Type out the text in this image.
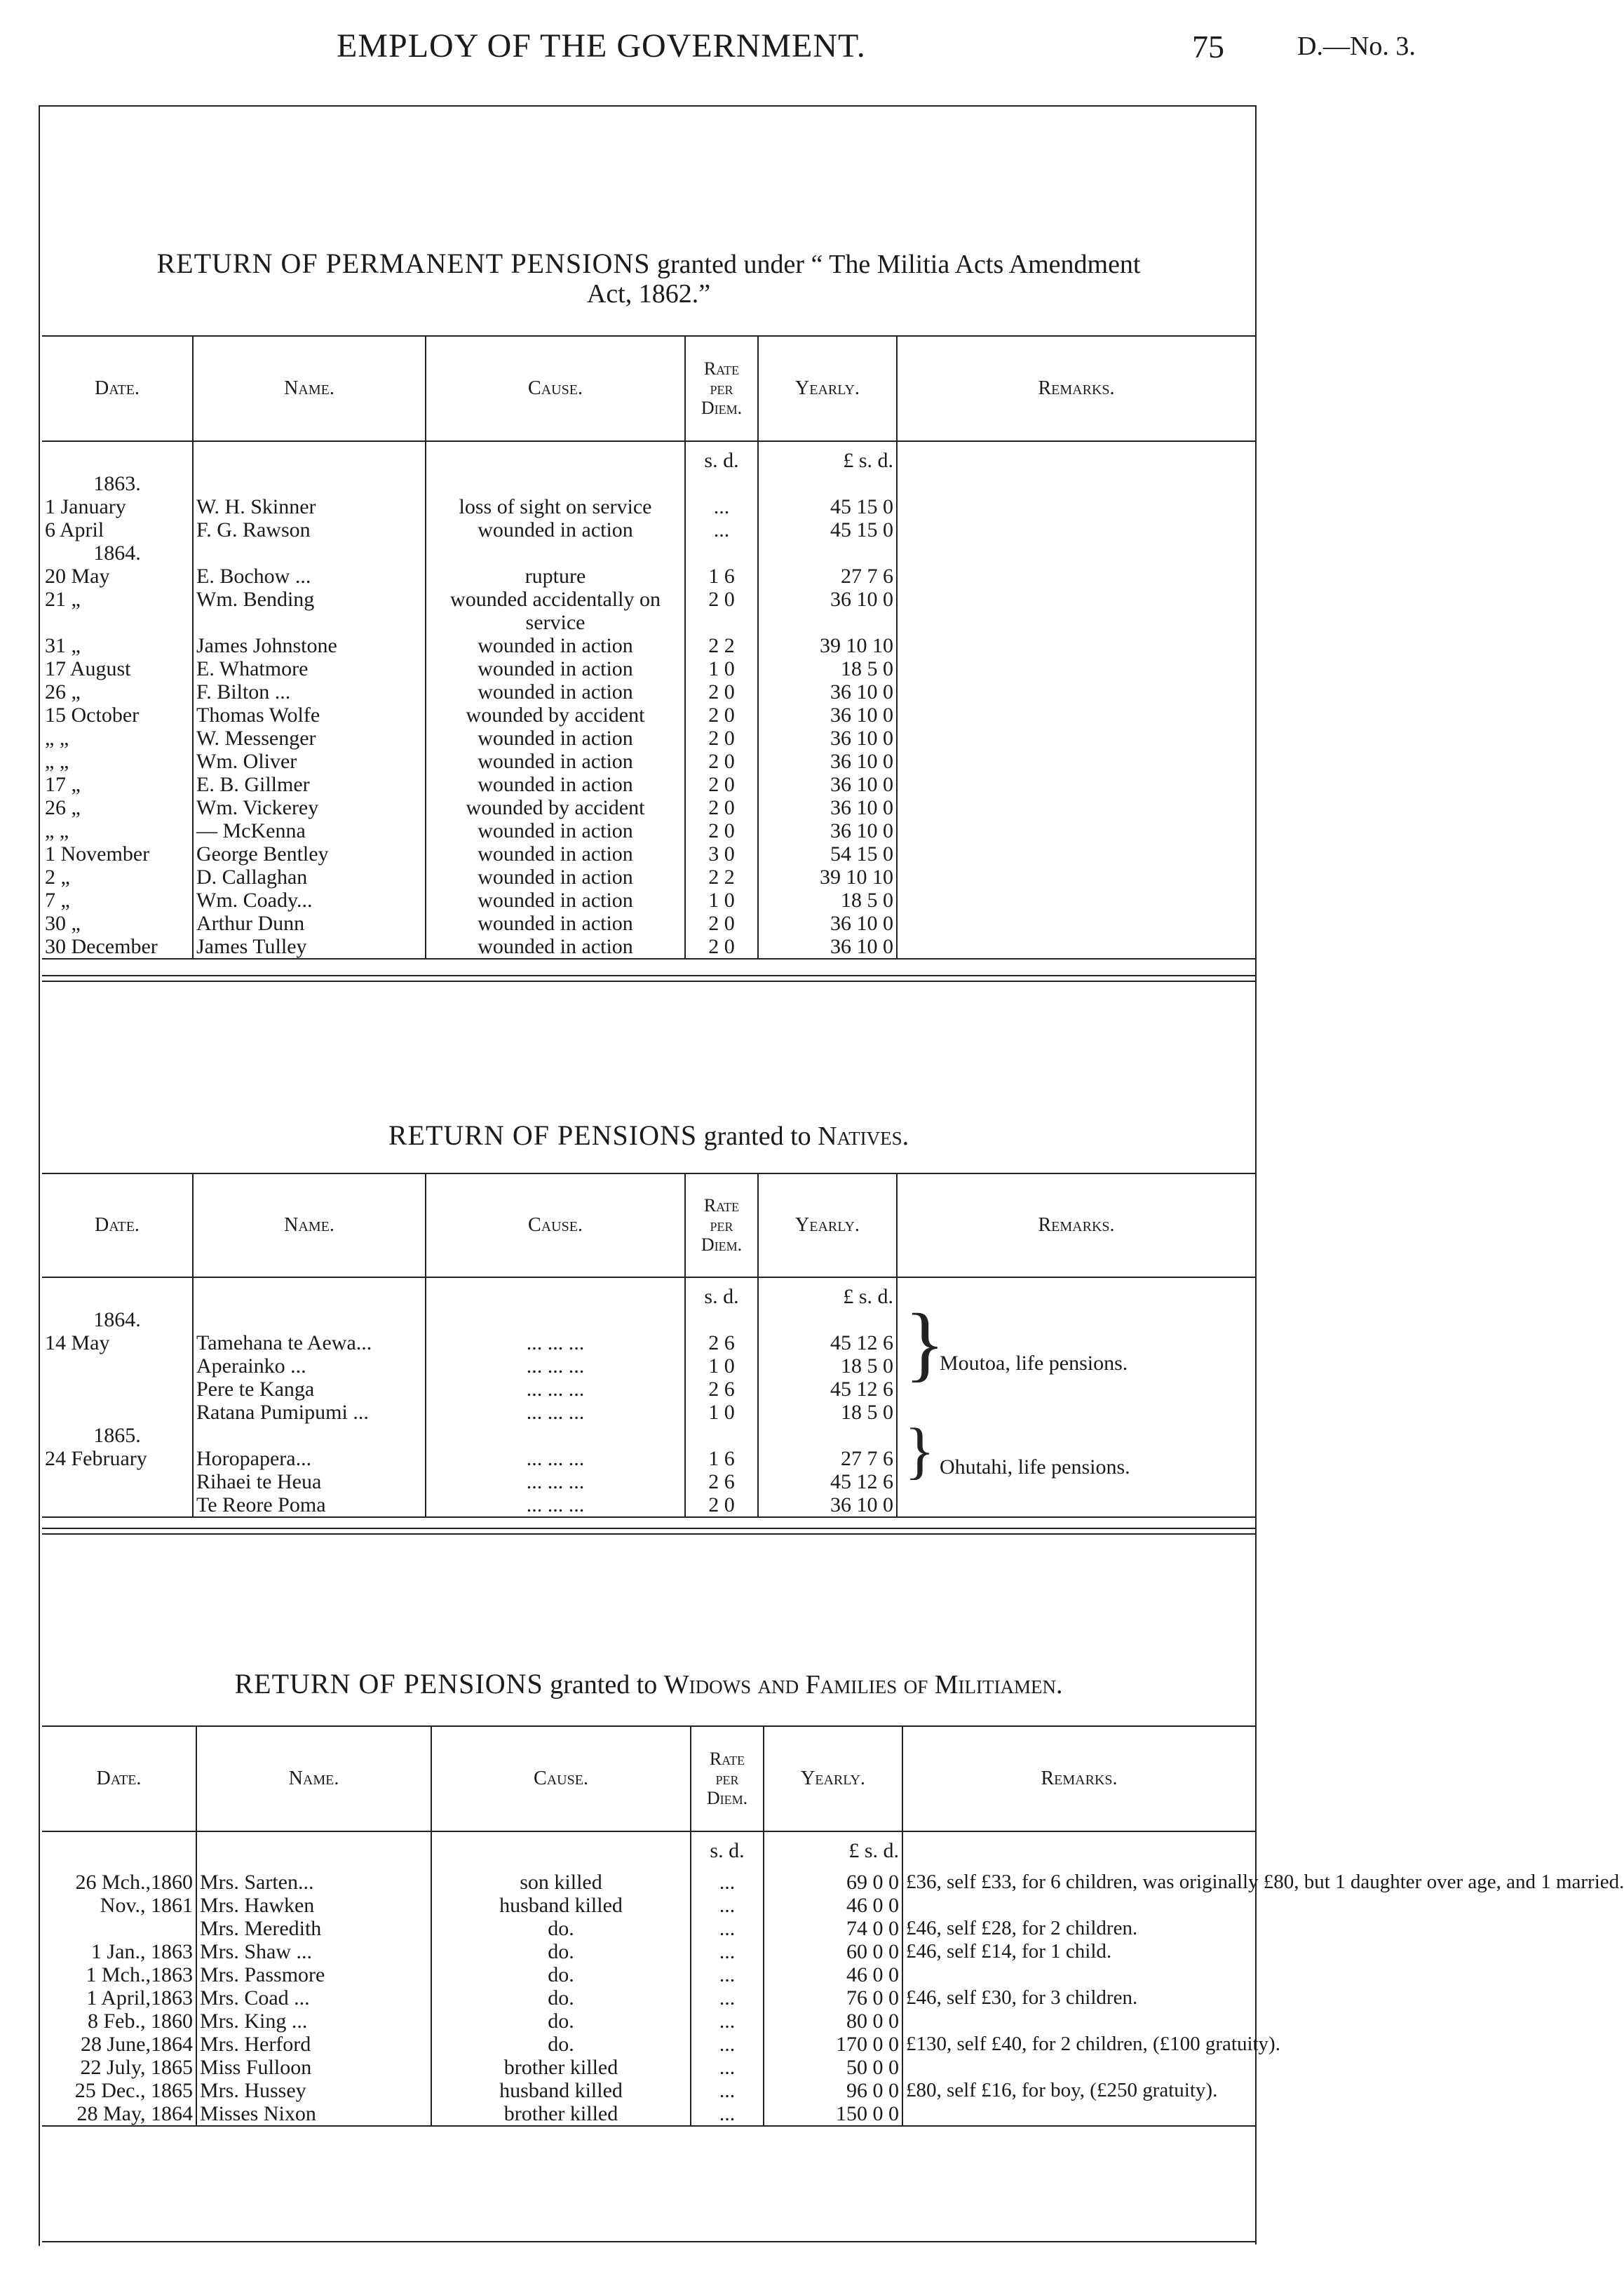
EMPLOY OF THE GOVERNMENT.	75	D.—No. 3.
RETURN OF PERMANENT PENSIONS granted under “ The Militia Acts Amendment
Act, 1862.”
Date.	Name.	Cause.	Rate
per
Diem.	Yearly.	Remarks.
			s. d.	£ s. d.	
1863.					
1 January	W. H. Skinner	loss of sight on service	...	45 15 0	
6 April	F. G. Rawson	wounded in action	...	45 15 0	
1864.					
20 May	E. Bochow ...	rupture	1 6	27 7 6	
21 „	Wm. Bending	wounded accidentally on	2 0	36 10 0	
		service			
31 „	James Johnstone	wounded in action	2 2	39 10 10	
17 August	E. Whatmore	wounded in action	1 0	18 5 0	
26 „	F. Bilton ...	wounded in action	2 0	36 10 0	
15 October	Thomas Wolfe	wounded by accident	2 0	36 10 0	
„ „	W. Messenger	wounded in action	2 0	36 10 0	
„ „	Wm. Oliver	wounded in action	2 0	36 10 0	
17 „	E. B. Gillmer	wounded in action	2 0	36 10 0	
26 „	Wm. Vickerey	wounded by accident	2 0	36 10 0	
„ „	— McKenna	wounded in action	2 0	36 10 0	
1 November	George Bentley	wounded in action	3 0	54 15 0	
2 „	D. Callaghan	wounded in action	2 2	39 10 10	
7 „	Wm. Coady...	wounded in action	1 0	18 5 0	
30 „	Arthur Dunn	wounded in action	2 0	36 10 0	
30 December	James Tulley	wounded in action	2 0	36 10 0	
RETURN OF PENSIONS granted to Natives.
Date.	Name.	Cause.	Rate
per
Diem.	Yearly.	Remarks.
			s. d.	£ s. d.	
1864.					
14 May	Tamehana te Aewa...	... ... ...	2 6	45 12 6	
	Aperainko ...	... ... ...	1 0	18 5 0	
	Pere te Kanga	... ... ...	2 6	45 12 6	
	Ratana Pumipumi ...	... ... ...	1 0	18 5 0	
1865.					
24 February	Horopapera...	... ... ...	1 6	27 7 6	
	Rihaei te Heua	... ... ...	2 6	45 12 6	
	Te Reore Poma	... ... ...	2 0	36 10 0	
}
Moutoa, life pensions.
} Ohutahi, life pensions.
RETURN OF PENSIONS granted to Widows and Families of Militiamen.
Date.	Name.	Cause.	Rate
per
Diem.	Yearly.	Remarks.
			s. d.	£ s. d.	
26 Mch.,1860	Mrs. Sarten...	son killed	...	69 0 0	£36, self £33, for 6 children, was originally £80, but 1 daughter over age, and 1 married.
Nov., 1861	Mrs. Hawken	husband killed	...	46 0 0	
	Mrs. Meredith	do.	...	74 0 0	£46, self £28, for 2 children.
1 Jan., 1863	Mrs. Shaw ...	do.	...	60 0 0	£46, self £14, for 1 child.
1 Mch.,1863	Mrs. Passmore	do.	...	46 0 0	
1 April,1863	Mrs. Coad ...	do.	...	76 0 0	£46, self £30, for 3 children.
8 Feb., 1860	Mrs. King ...	do.	...	80 0 0	
28 June,1864	Mrs. Herford	do.	...	170 0 0	£130, self £40, for 2 children, (£100 gratuity).
22 July, 1865	Miss Fulloon	brother killed	...	50 0 0	
25 Dec., 1865	Mrs. Hussey	husband killed	...	96 0 0	£80, self £16, for boy, (£250 gratuity).
28 May, 1864	Misses Nixon	brother killed	...	150 0 0	
